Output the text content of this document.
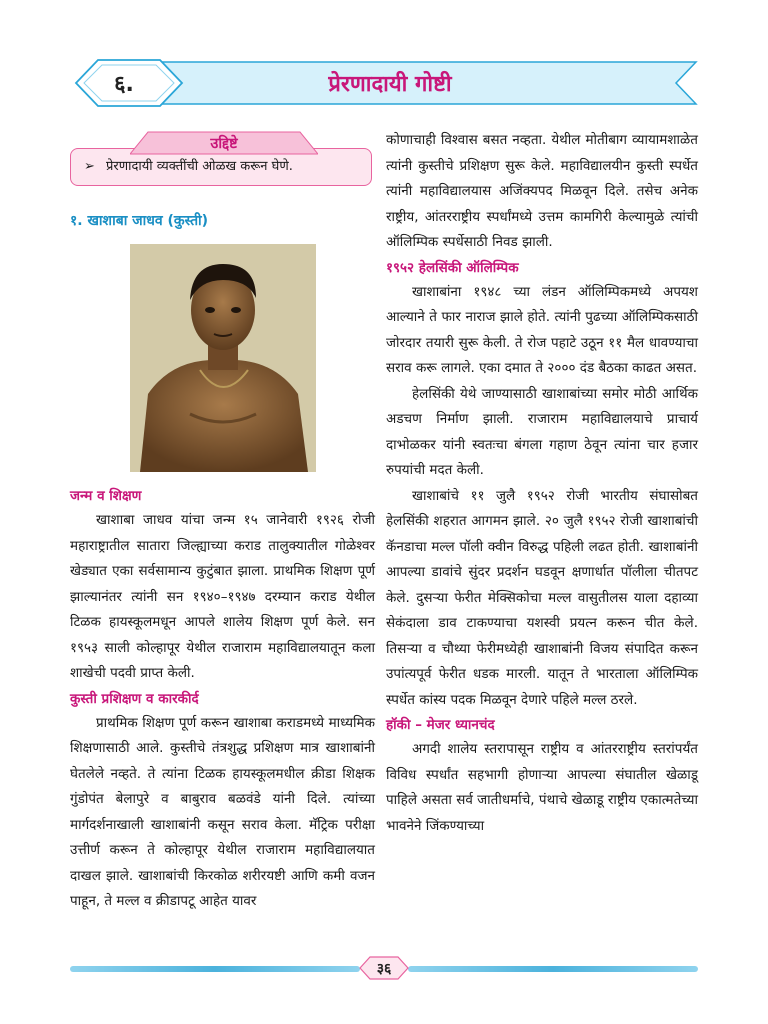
६.	प्रेरणादायी गोष्टी
उद्दिष्टे
➢ प्रेरणादायी व्यक्तींची ओळख करून घेणे.
१. खाशाबा जाधव (कुस्ती)
जन्म व शिक्षण

खाशाबा जाधव यांचा जन्म १५ जानेवारी १९२६ रोजी महाराष्ट्रातील सातारा जिल्ह्याच्या कराड तालुक्यातील गोळेश्वर खेड्यात एका सर्वसामान्य कुटुंबात झाला. प्राथमिक शिक्षण पूर्ण झाल्यानंतर त्यांनी सन १९४०–१९४७ दरम्यान कराड येथील टिळक हायस्कूलमधून आपले शालेय शिक्षण पूर्ण केले. सन १९५३ साली कोल्हापूर येथील राजाराम महाविद्यालयातून कला शाखेची पदवी प्राप्त केली.

कुस्ती प्रशिक्षण व कारकीर्द

प्राथमिक शिक्षण पूर्ण करून खाशाबा कराडमध्ये माध्यमिक शिक्षणासाठी आले. कुस्तीचे तंत्रशुद्ध प्रशिक्षण मात्र खाशाबांनी घेतलेले नव्हते. ते त्यांना टिळक हायस्कूलमधील क्रीडा शिक्षक गुंडोपंत बेलापुरे व बाबुराव बळवंडे यांनी दिले. त्यांच्या मार्गदर्शनाखाली खाशाबांनी कसून सराव केला. मॅट्रिक परीक्षा उत्तीर्ण करून ते कोल्हापूर येथील राजाराम महाविद्यालयात दाखल झाले. खाशाबांची किरकोळ शरीरयष्टी आणि कमी वजन पाहून, ते मल्ल व क्रीडापटू आहेत यावर

कोणाचाही विश्वास बसत नव्हता. येथील मोतीबाग व्यायामशाळेत त्यांनी कुस्तीचे प्रशिक्षण सुरू केले. महाविद्यालयीन कुस्ती स्पर्धेत त्यांनी महाविद्यालयास अजिंक्यपद मिळवून दिले. तसेच अनेक राष्ट्रीय, आंतरराष्ट्रीय स्पर्धांमध्ये उत्तम कामगिरी केल्यामुळे त्यांची ऑलिम्पिक स्पर्धेसाठी निवड झाली.

१९५२ हेलसिंकी ऑलिम्पिक

खाशाबांना १९४८ च्या लंडन ऑलिम्पिकमध्ये अपयश आल्याने ते फार नाराज झाले होते. त्यांनी पुढच्या ऑलिम्पिकसाठी जोरदार तयारी सुरू केली. ते रोज पहाटे उठून ११ मैल धावण्याचा सराव करू लागले. एका दमात ते २००० दंड बैठका काढत असत.

हेलसिंकी येथे जाण्यासाठी खाशाबांच्या समोर मोठी आर्थिक अडचण निर्माण झाली. राजाराम महाविद्यालयाचे प्राचार्य दाभोळकर यांनी स्वतःचा बंगला गहाण ठेवून त्यांना चार हजार रुपयांची मदत केली.

खाशाबांचे ११ जुलै १९५२ रोजी भारतीय संघासोबत हेलसिंकी शहरात आगमन झाले. २० जुलै १९५२ रोजी खाशाबांची कॅनडाचा मल्ल पॉली क्वीन विरुद्ध पहिली लढत होती. खाशाबांनी आपल्या डावांचे सुंदर प्रदर्शन घडवून क्षणार्धात पॉलीला चीतपट केले. दुसऱ्या फेरीत मेक्सिकोचा मल्ल वासुतीलस याला दहाव्या सेकंदाला डाव टाकण्याचा यशस्वी प्रयत्न करून चीत केले. तिसऱ्या व चौथ्या फेरीमध्येही खाशाबांनी विजय संपादित करून उपांत्यपूर्व फेरीत धडक मारली. यातून ते भारताला ऑलिम्पिक स्पर्धेत कांस्य पदक मिळवून देणारे पहिले मल्ल ठरले.

हॉकी – मेजर ध्यानचंद

अगदी शालेय स्तरापासून राष्ट्रीय व आंतरराष्ट्रीय स्तरांपर्यंत विविध स्पर्धांत सहभागी होणाऱ्या आपल्या संघातील खेळाडू पाहिले असता सर्व जातीधर्माचे, पंथाचे खेळाडू राष्ट्रीय एकात्मतेच्या भावनेने जिंकण्याच्या

३६
